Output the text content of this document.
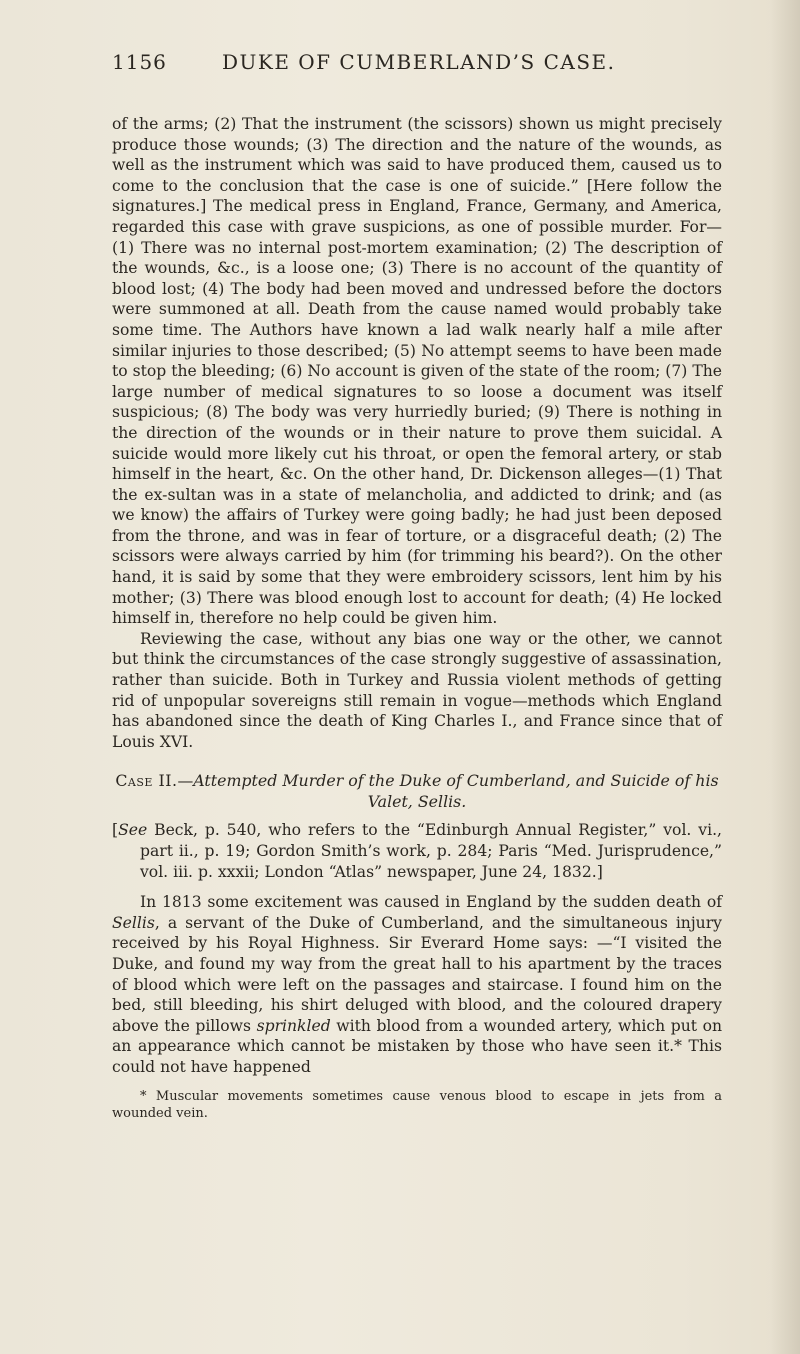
1156	DUKE OF CUMBERLAND’S CASE.

of the arms; (2) That the instrument (the scissors) shown us might precisely produce those wounds; (3) The direction and the nature of the wounds, as well as the instrument which was said to have produced them, caused us to come to the conclusion that the case is one of suicide.” [Here follow the signatures.] The medical press in England, France, Germany, and America, regarded this case with grave suspicions, as one of possible murder. For—(1) There was no internal post-mortem examination; (2) The description of the wounds, &c., is a loose one; (3) There is no account of the quantity of blood lost; (4) The body had been moved and undressed before the doctors were summoned at all. Death from the cause named would probably take some time. The Authors have known a lad walk nearly half a mile after similar injuries to those described; (5) No attempt seems to have been made to stop the bleeding; (6) No account is given of the state of the room; (7) The large number of medical signatures to so loose a document was itself suspicious; (8) The body was very hurriedly buried; (9) There is nothing in the direction of the wounds or in their nature to prove them suicidal. A suicide would more likely cut his throat, or open the femoral artery, or stab himself in the heart, &c. On the other hand, Dr. Dickenson alleges—(1) That the ex-sultan was in a state of melancholia, and addicted to drink; and (as we know) the affairs of Turkey were going badly; he had just been deposed from the throne, and was in fear of torture, or a disgraceful death; (2) The scissors were always carried by him (for trimming his beard?). On the other hand, it is said by some that they were embroidery scissors, lent him by his mother; (3) There was blood enough lost to account for death; (4) He locked himself in, therefore no help could be given him.

Reviewing the case, without any bias one way or the other, we cannot but think the circumstances of the case strongly suggestive of assassination, rather than suicide. Both in Turkey and Russia violent methods of getting rid of unpopular sovereigns still remain in vogue—methods which England has abandoned since the death of King Charles I., and France since that of Louis XVI.

Case II.—Attempted Murder of the Duke of Cumberland, and Suicide of his Valet, Sellis.

[See Beck, p. 540, who refers to the “Edinburgh Annual Register,” vol. vi., part ii., p. 19; Gordon Smith’s work, p. 284; Paris “Med. Jurisprudence,” vol. iii. p. xxxii; London “Atlas” newspaper, June 24, 1832.]

In 1813 some excitement was caused in England by the sudden death of Sellis, a servant of the Duke of Cumberland, and the simultaneous injury received by his Royal Highness. Sir Everard Home says: —“I visited the Duke, and found my way from the great hall to his apartment by the traces of blood which were left on the passages and staircase. I found him on the bed, still bleeding, his shirt deluged with blood, and the coloured drapery above the pillows sprinkled with blood from a wounded artery, which put on an appearance which cannot be mistaken by those who have seen it.* This could not have happened

* Muscular movements sometimes cause venous blood to escape in jets from a wounded vein.
